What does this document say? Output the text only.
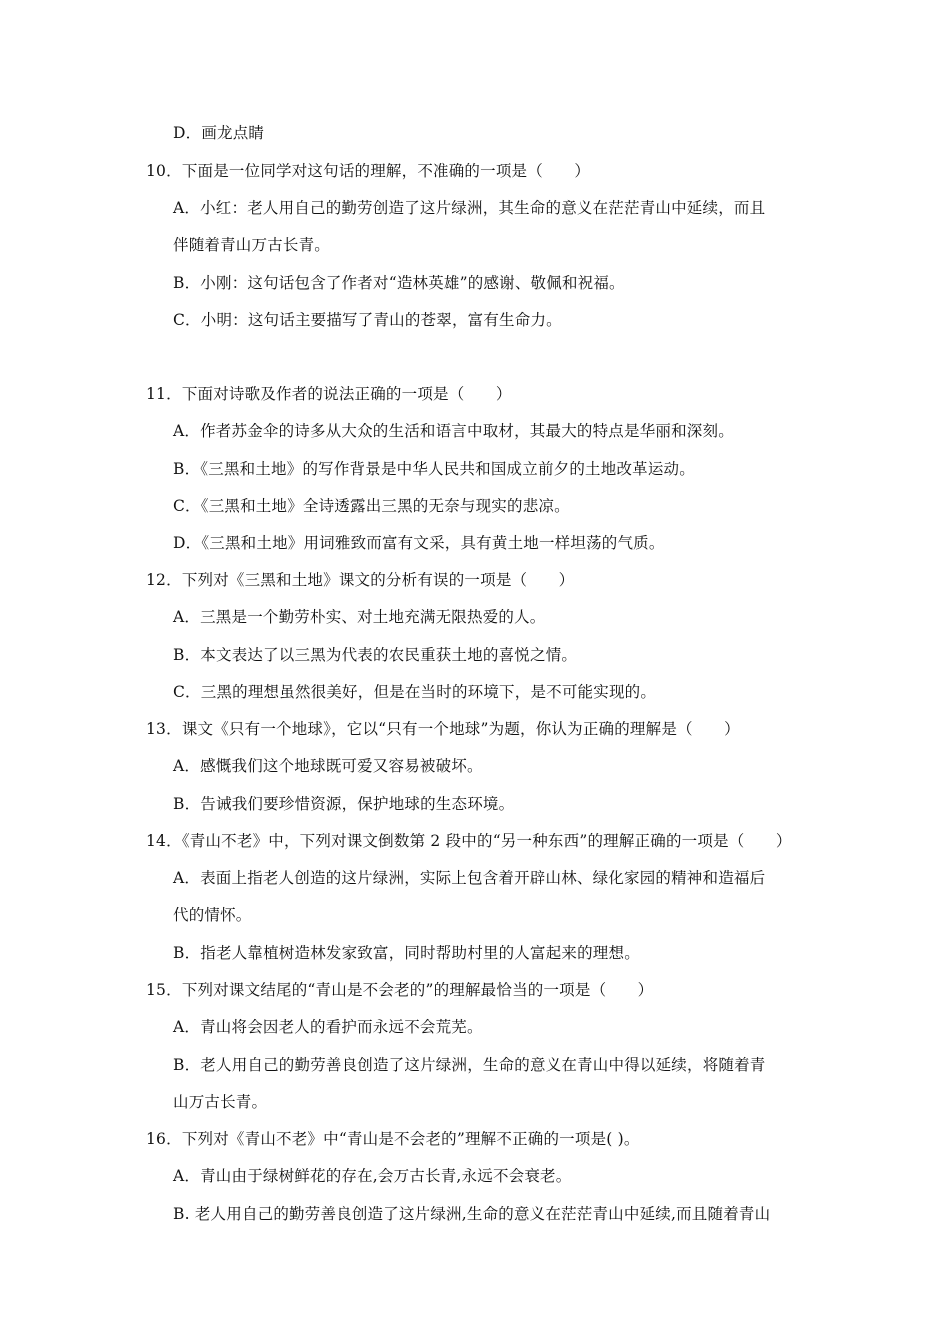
D．画龙点睛
10．下面是一位同学对这句话的理解，不准确的一项是（　　）
A．小红：老人用自己的勤劳创造了这片绿洲，其生命的意义在茫茫青山中延续，而且
伴随着青山万古长青。
B．小刚：这句话包含了作者对“造林英雄”的感谢、敬佩和祝福。
C．小明：这句话主要描写了青山的苍翠，富有生命力。
11．下面对诗歌及作者的说法正确的一项是（　　）
A．作者苏金伞的诗多从大众的生活和语言中取材，其最大的特点是华丽和深刻。
B．《三黑和土地》的写作背景是中华人民共和国成立前夕的土地改革运动。
C．《三黑和土地》全诗透露出三黑的无奈与现实的悲凉。
D．《三黑和土地》用词雅致而富有文采，具有黄土地一样坦荡的气质。
12．下列对《三黑和土地》课文的分析有误的一项是（　　）
A．三黑是一个勤劳朴实、对土地充满无限热爱的人。
B．本文表达了以三黑为代表的农民重获土地的喜悦之情。
C．三黑的理想虽然很美好，但是在当时的环境下，是不可能实现的。
13．课文《只有一个地球》，它以“只有一个地球”为题，你认为正确的理解是（　　）
A．感慨我们这个地球既可爱又容易被破坏。
B．告诫我们要珍惜资源，保护地球的生态环境。
14．《青山不老》中，下列对课文倒数第 2 段中的“另一种东西”的理解正确的一项是（　　）
A．表面上指老人创造的这片绿洲，实际上包含着开辟山林、绿化家园的精神和造福后
代的情怀。
B．指老人靠植树造林发家致富，同时帮助村里的人富起来的理想。
15．下列对课文结尾的“青山是不会老的”的理解最恰当的一项是（　　）
A．青山将会因老人的看护而永远不会荒芜。
B．老人用自己的勤劳善良创造了这片绿洲，生命的意义在青山中得以延续，将随着青
山万古长青。
16．下列对《青山不老》中“青山是不会老的”理解不正确的一项是( )。
A．青山由于绿树鲜花的存在,会万古长青,永远不会衰老。
B. 老人用自己的勤劳善良创造了这片绿洲,生命的意义在茫茫青山中延续,而且随着青山
